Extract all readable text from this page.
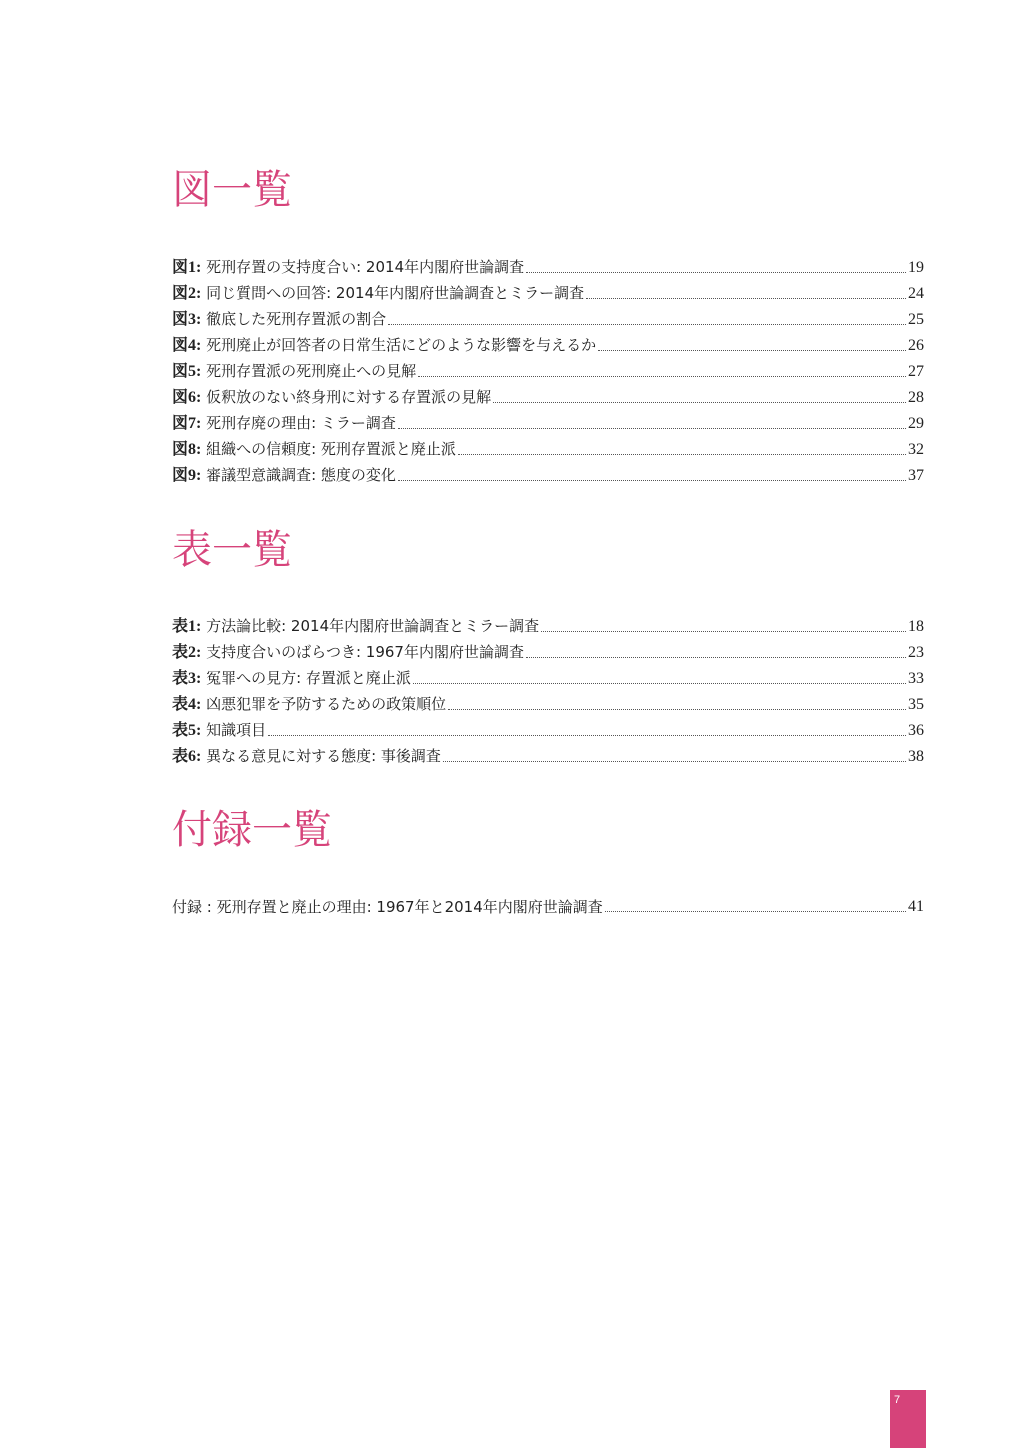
図一覧
図1: 死刑存置の支持度合い: 2014年内閣府世論調査	19
図2: 同じ質問への回答: 2014年内閣府世論調査とミラー調査	24
図3: 徹底した死刑存置派の割合	25
図4: 死刑廃止が回答者の日常生活にどのような影響を与えるか	26
図5: 死刑存置派の死刑廃止への見解	27
図6: 仮釈放のない終身刑に対する存置派の見解	28
図7: 死刑存廃の理由: ミラー調査	29
図8: 組織への信頼度: 死刑存置派と廃止派	32
図9: 審議型意識調査: 態度の変化	37
表一覧
表1: 方法論比較: 2014年内閣府世論調査とミラー調査	18
表2: 支持度合いのばらつき: 1967年内閣府世論調査	23
表3: 冤罪への見方: 存置派と廃止派	33
表4: 凶悪犯罪を予防するための政策順位	35
表5: 知識項目	36
表6: 異なる意見に対する態度: 事後調査	38
付録一覧
付録 : 死刑存置と廃止の理由: 1967年と2014年内閣府世論調査	41
7
